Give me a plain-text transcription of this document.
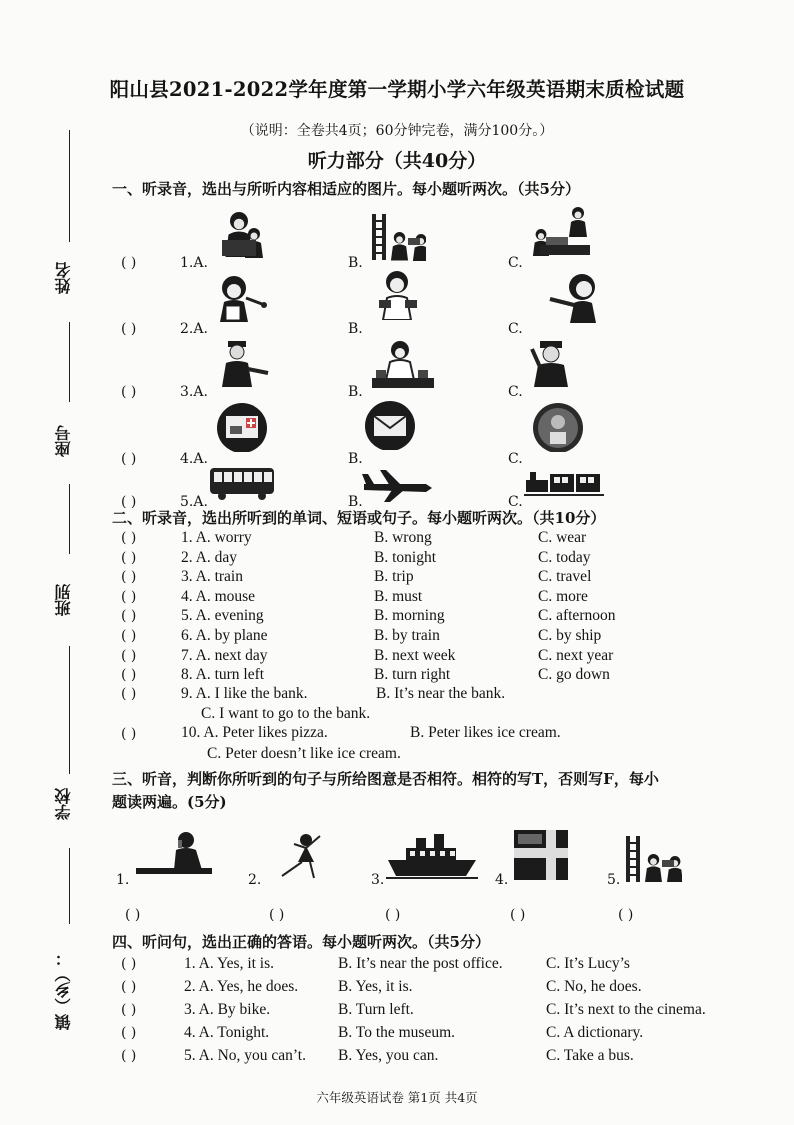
阳山县2021-2022学年度第一学期小学六年级英语期末质检试题
（说明：全卷共4页；60分钟完卷，满分100分。）
听力部分（共40分）
姓名
座号
班别
学校
镇（乡）：
一、听录音，选出与所听内容相适应的图片。每小题听两次。（共5分）
( )	1.A.	B.	C.
( )	2.A.	B.	C.
( )	3.A.	B.	C.
( )	4.A.	B.	C.
( )	5.A.	B.	C.
二、听录音，选出所听到的单词、短语或句子。每小题听两次。（共10分）
( )	1. A. worry	B. wrong	C. wear
( )	2. A. day	B. tonight	C. today
( )	3. A. train	B. trip	C. travel
( )	4. A. mouse	B. must	C. more
( )	5. A. evening	B. morning	C. afternoon
( )	6. A. by plane	B. by train	C. by ship
( )	7. A. next day	B. next week	C. next year
( )	8. A. turn left	B. turn right	C. go down
( )	9. A. I like the bank.	B. It’s near the bank.
C. I want to go to the bank.
( )	10. A. Peter likes pizza.	B. Peter likes ice cream.
C. Peter doesn’t like ice cream.
三、听音，判断你所听到的句子与所给图意是否相符。相符的写T，否则写F，每小
题读两遍。(5分)
1.
( )
2.
( )
3.
( )
4.
( )
5.
( )
四、听问句，选出正确的答语。每小题听两次。（共5分）
( )	1. A. Yes, it is.	B. It’s near the post office.	C. It’s Lucy’s
( )	2. A. Yes, he does.	B. Yes, it is.	C. No, he does.
( )	3. A. By bike.	B. Turn left.	C. It’s next to the cinema.
( )	4. A. Tonight.	B. To the museum.	C. A dictionary.
( )	5. A. No, you can’t. B. Yes, you can.	C. Take a bus.
六年级英语试卷 第1页 共4页
